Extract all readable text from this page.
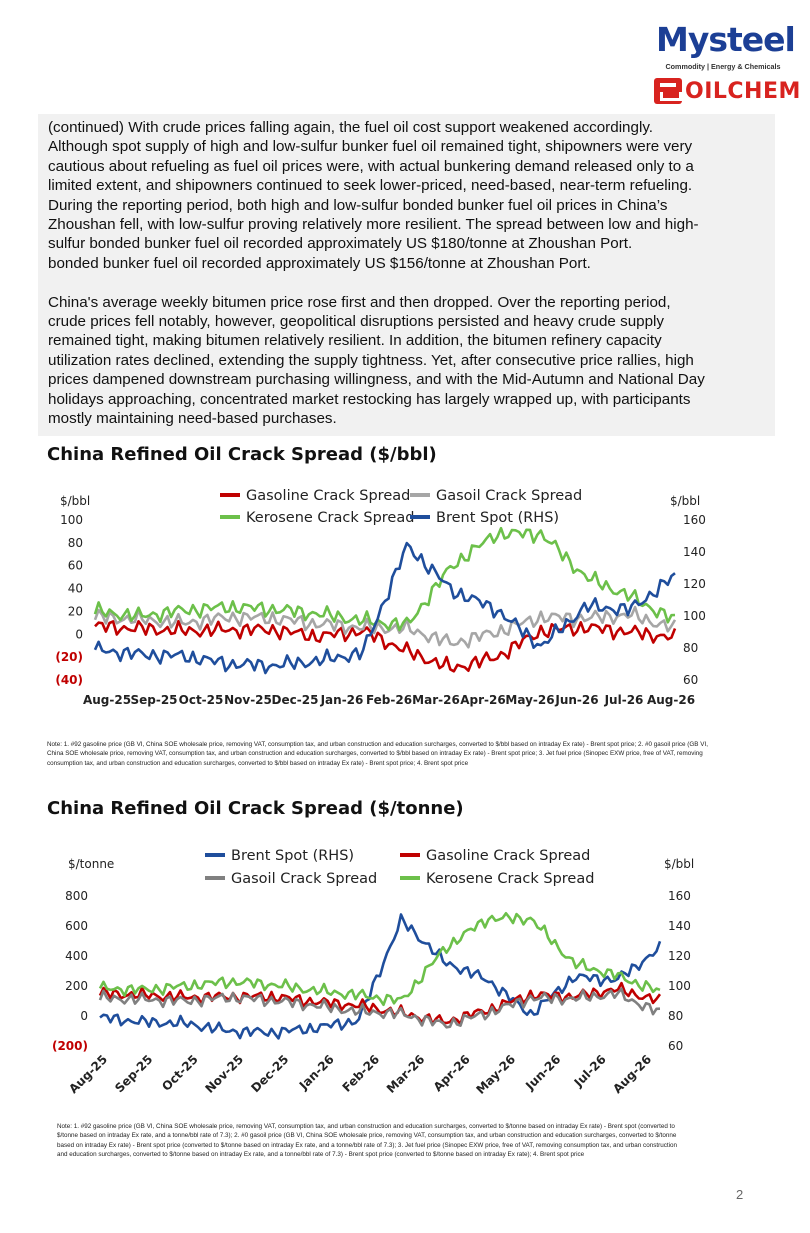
Mysteel
Commodity | Energy & Chemicals
OILCHEM

(continued) With crude prices falling again, the fuel oil cost support weakened accordingly.

Although spot supply of high and low-sulfur bunker fuel oil remained tight, shipowners were very

cautious about refueling as fuel oil prices were, with actual bunkering demand released only to a

limited extent, and shipowners continued to seek lower-priced, need-based, near-term refueling.

During the reporting period, both high and low-sulfur bonded bunker fuel oil prices in China’s

Zhoushan fell, with low-sulfur proving relatively more resilient. The spread between low and high-

sulfur bonded bunker fuel oil recorded approximately US $180/tonne at Zhoushan Port.

bonded bunker fuel oil recorded approximately US $156/tonne at Zhoushan Port.

China's average weekly bitumen price rose first and then dropped. Over the reporting period,

crude prices fell notably, however, geopolitical disruptions persisted and heavy crude supply

remained tight, making bitumen relatively resilient. In addition, the bitumen refinery capacity

utilization rates declined, extending the supply tightness. Yet, after consecutive price rallies, high

prices dampened downstream purchasing willingness, and with the Mid-Autumn and National Day

holidays approaching, concentrated market restocking has largely wrapped up, with participants

mostly maintaining need-based purchases.

China Refined Oil Crack Spread ($/bbl)
$/bbl	$/bbl
100
80
60
40
20
0
(20)
(40)
160
140
120
100
80
60
Aug-25 Sep-25 Oct-25 Nov-25 Dec-25 Jan-26 Feb-26 Mar-26 Apr-26 May-26 Jun-26 Jul-26 Aug-26
Gasoline Crack Spread Gasoil Crack Spread
Kerosene Crack Spread Brent Spot (RHS)
Note: 1. #92 gasoline price (GB VI, China SOE wholesale price, removing VAT, consumption tax, and urban construction and education surcharges, converted to $/bbl based on intraday Ex rate) - Brent spot price; 2. #0 gasoil price (GB VI, China SOE wholesale price, removing VAT, consumption tax, and urban construction and education surcharges, converted to $/bbl based on intraday Ex rate) - Brent spot price; 3. Jet fuel price (Sinopec EXW price, free of VAT, removing consumption tax, and urban construction and education surcharges, converted to $/bbl based on intraday Ex rate) - Brent spot price; 4. Brent spot price
China Refined Oil Crack Spread ($/tonne)
$/tonne	$/bbl
800
600
400
200
0
(200)
160
140
120
100
80
60
Aug-25 Sep-25 Oct-25 Nov-25 Dec-25 Jan-26 Feb-26 Mar-26 Apr-26 May-26 Jun-26 Jul-26 Aug-26
Brent Spot (RHS)	Gasoline Crack Spread
Gasoil Crack Spread	Kerosene Crack Spread
Note: 1. #92 gasoline price (GB VI, China SOE wholesale price, removing VAT, consumption tax, and urban construction and education surcharges, converted to $/tonne based on intraday Ex rate) - Brent spot (converted to $/tonne based on intraday Ex rate, and a tonne/bbl rate of 7.3); 2. #0 gasoil price (GB VI, China SOE wholesale price, removing VAT, consumption tax, and urban construction and education surcharges, converted to $/tonne based on intraday Ex rate) - Brent spot price (converted to $/tonne based on intraday Ex rate, and a tonne/bbl rate of 7.3); 3. Jet fuel price (Sinopec EXW price, free of VAT, removing consumption tax, and urban construction and education surcharges, converted to $/tonne based on intraday Ex rate, and a tonne/bbl rate of 7.3) - Brent spot price (converted to $/tonne based on intraday Ex rate); 4. Brent spot price
2
